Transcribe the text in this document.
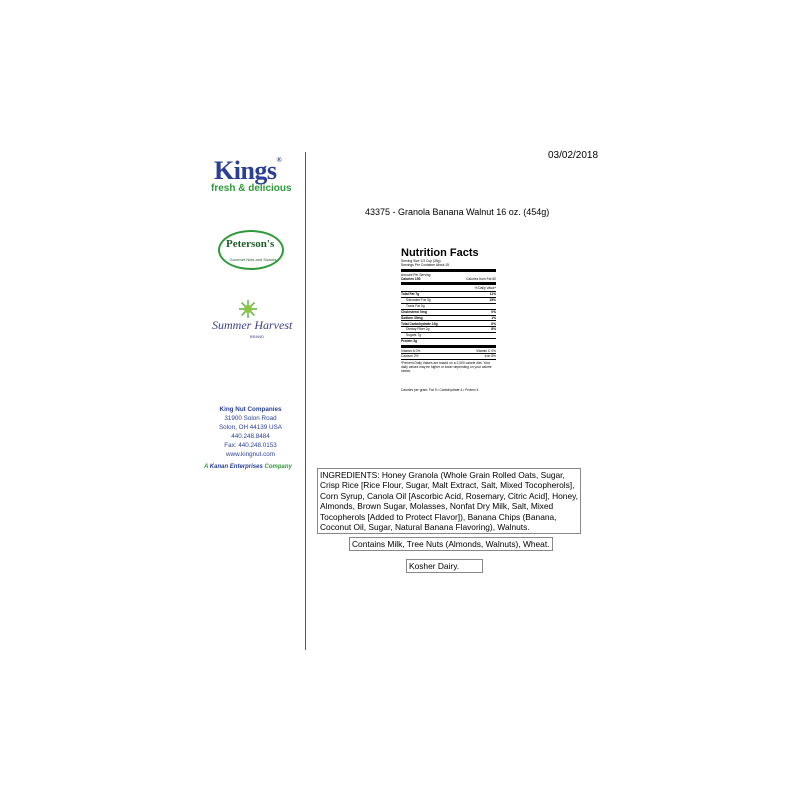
03/02/2018
Kings®
fresh & delicious
Peterson's
Gourmet Nuts and Snacks
Summer Harvest
BRAND
King Nut Companies
31900 Solon Road
Solon, OH 44139 USA
440.248.8484
Fax: 440.248.0153
www.kingnut.com
A Kanan Enterprises Company
43375 - Granola Banana Walnut 16 oz. (454g)
Nutrition Facts
Serving Size 1/3 Cup (30g)
Servings Per Container About 15
Amount Per Serving
Calories 150	Calories from Fat 60
% Daily Value*
Total Fat 7g	11%
Saturated Fat 3g	15%
Trans Fat 0g
Cholesterol 0mg	0%
Sodium 30mg	1%
Total Carbohydrate 19g	6%
Dietary Fiber 2g	8%
Sugars 7g
Protein 3g
Vitamin A 0%	Vitamin C 0%
Calcium 2%	Iron 8%
*Percent Daily Values are based on a 2,000 calorie diet. Your daily values may be higher or lower depending on your calorie needs.
Calories per gram: Fat 9 • Carbohydrate 4 • Protein 4
INGREDIENTS: Honey Granola (Whole Grain Rolled Oats, Sugar, Crisp Rice [Rice Flour, Sugar, Malt Extract, Salt, Mixed Tocopherols], Corn Syrup, Canola Oil [Ascorbic Acid, Rosemary, Citric Acid], Honey, Almonds, Brown Sugar, Molasses, Nonfat Dry Milk, Salt, Mixed Tocopherols [Added to Protect Flavor]), Banana Chips (Banana, Coconut Oil, Sugar, Natural Banana Flavoring), Walnuts.
Contains Milk, Tree Nuts (Almonds, Walnuts), Wheat.
Kosher Dairy.
